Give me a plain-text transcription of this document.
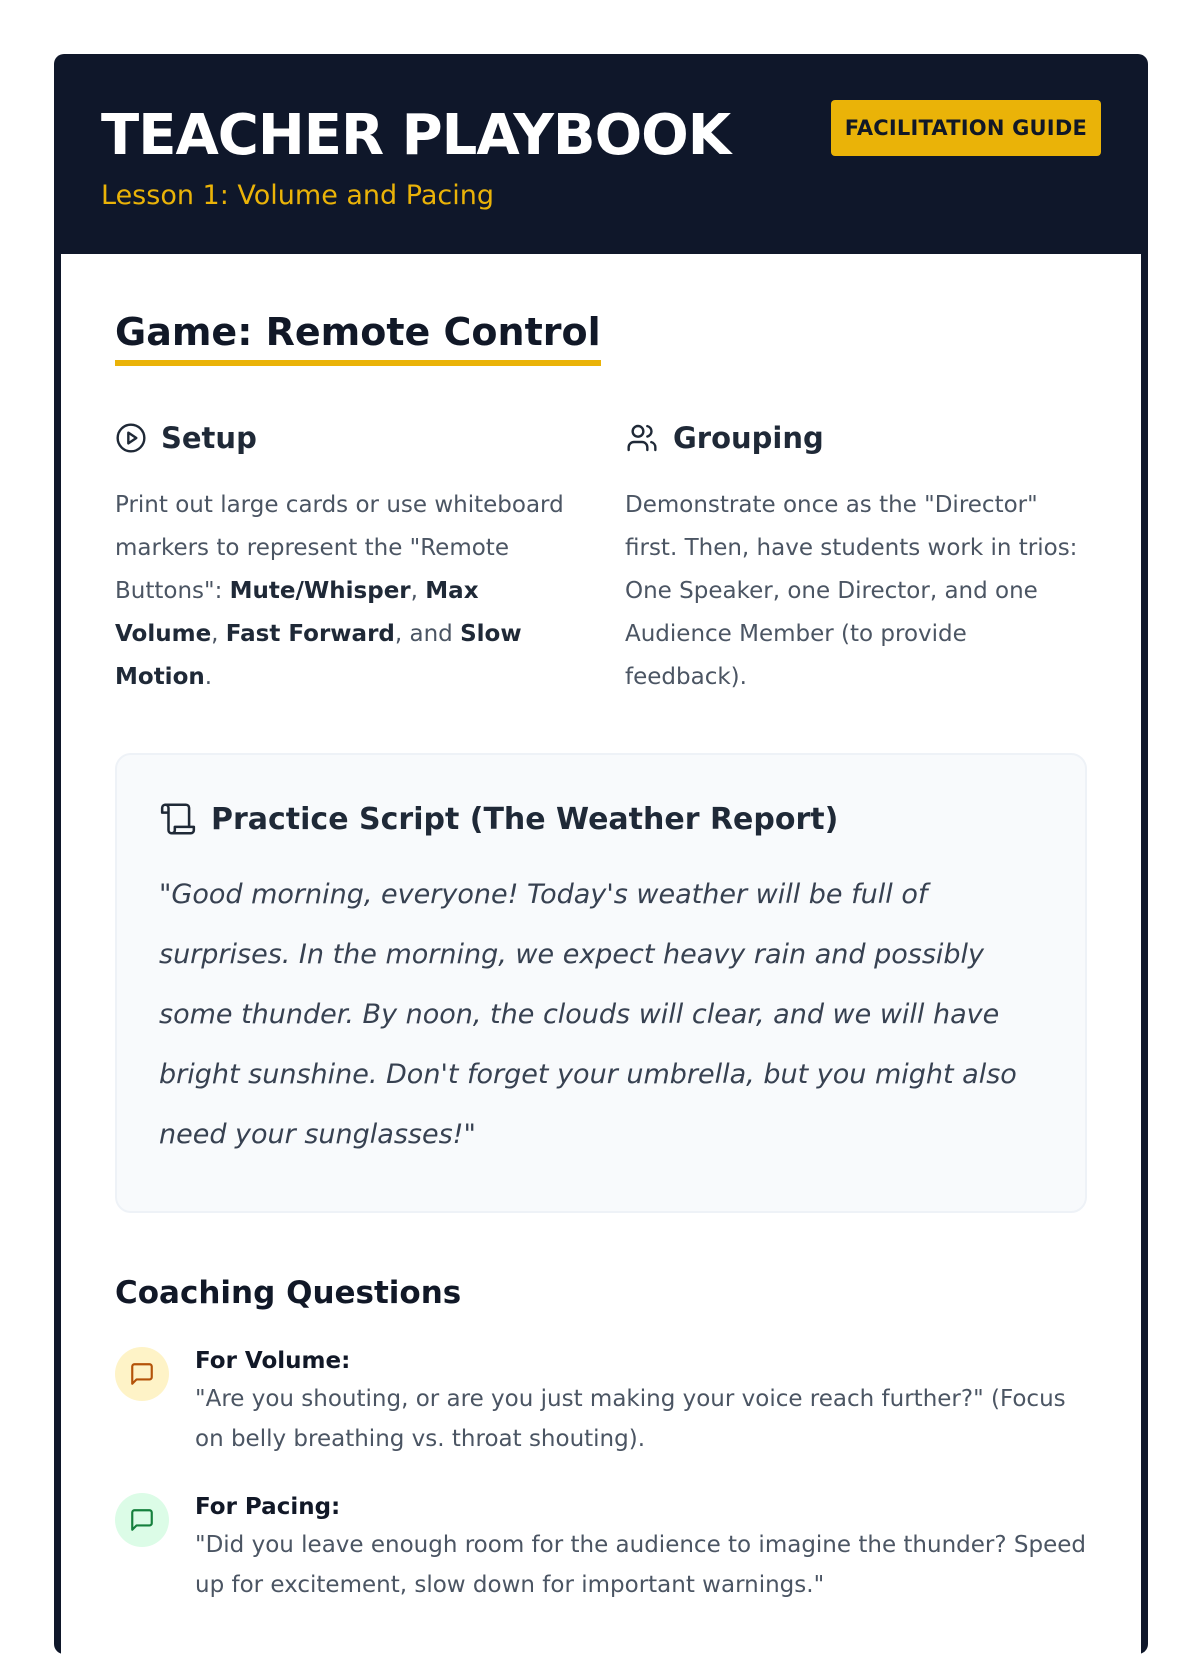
TEACHER PLAYBOOK

Lesson 1: Volume and Pacing

FACILITATION GUIDE
Game: Remote Control
Setup
Print out large cards or use whiteboard markers to represent the "Remote Buttons": Mute/Whisper, Max Volume, Fast Forward, and Slow Motion.
Grouping
Demonstrate once as the "Director" first. Then, have students work in trios: One Speaker, one Director, and one Audience Member (to provide feedback).
Practice Script (The Weather Report)

"Good morning, everyone! Today's weather will be full of surprises. In the morning, we expect heavy rain and possibly some thunder. By noon, the clouds will clear, and we will have bright sunshine. Don't forget your umbrella, but you might also need your sunglasses!"

Coaching Questions
For Volume:
"Are you shouting, or are you just making your voice reach further?" (Focus on belly breathing vs. throat shouting).
For Pacing:
"Did you leave enough room for the audience to imagine the thunder? Speed up for excitement, slow down for important warnings."
